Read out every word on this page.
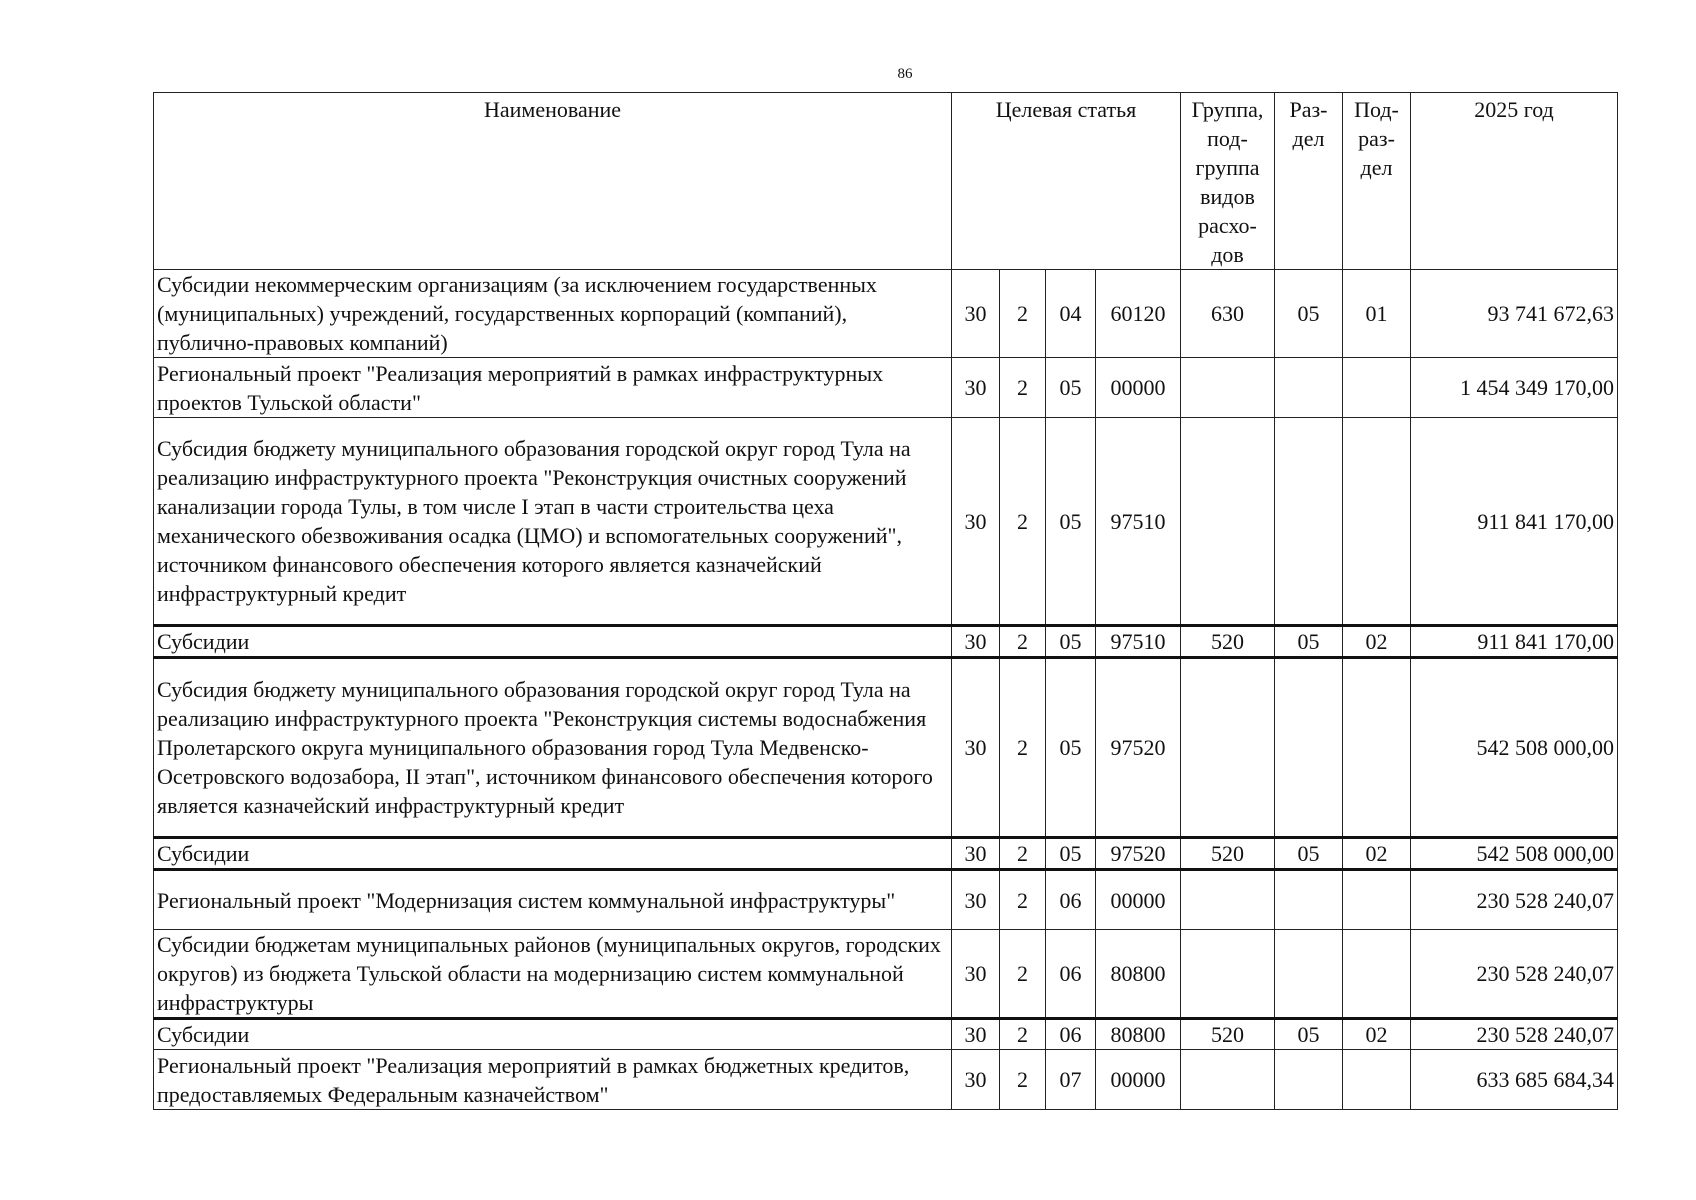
86
Наименование	Целевая статья				Группа, под-группа видов расхо-дов	Раз-дел	Под-раз-дел	2025 год
Субсидии некоммерческим организациям (за исключением государственных (муниципальных) учреждений, государственных корпораций (компаний), публично-правовых компаний)	30	2	04	60120	630	05	01	93 741 672,63
Региональный проект "Реализация мероприятий в рамках инфраструктурных проектов Тульской области"	30	2	05	00000				1 454 349 170,00
Субсидия бюджету муниципального образования городской округ город Тула на реализацию инфраструктурного проекта "Реконструкция очистных сооружений канализации города Тулы, в том числе I этап в части строительства цеха механического обезвоживания осадка (ЦМО) и вспомогательных сооружений", источником финансового обеспечения которого является казначейский инфраструктурный кредит	30	2	05	97510				911 841 170,00
Субсидии	30	2	05	97510	520	05	02	911 841 170,00
Субсидия бюджету муниципального образования городской округ город Тула на реализацию инфраструктурного проекта "Реконструкция системы водоснабжения Пролетарского округа муниципального образования город Тула Медвенско-Осетровского водозабора, II этап", источником финансового обеспечения которого является казначейский инфраструктурный кредит	30	2	05	97520				542 508 000,00
Субсидии	30	2	05	97520	520	05	02	542 508 000,00
Региональный проект "Модернизация систем коммунальной инфраструктуры"	30	2	06	00000				230 528 240,07
Субсидии бюджетам муниципальных районов (муниципальных округов, городских округов) из бюджета Тульской области на модернизацию систем коммунальной инфраструктуры	30	2	06	80800				230 528 240,07
Субсидии	30	2	06	80800	520	05	02	230 528 240,07
Региональный проект "Реализация мероприятий в рамках бюджетных кредитов, предоставляемых Федеральным казначейством"	30	2	07	00000				633 685 684,34
